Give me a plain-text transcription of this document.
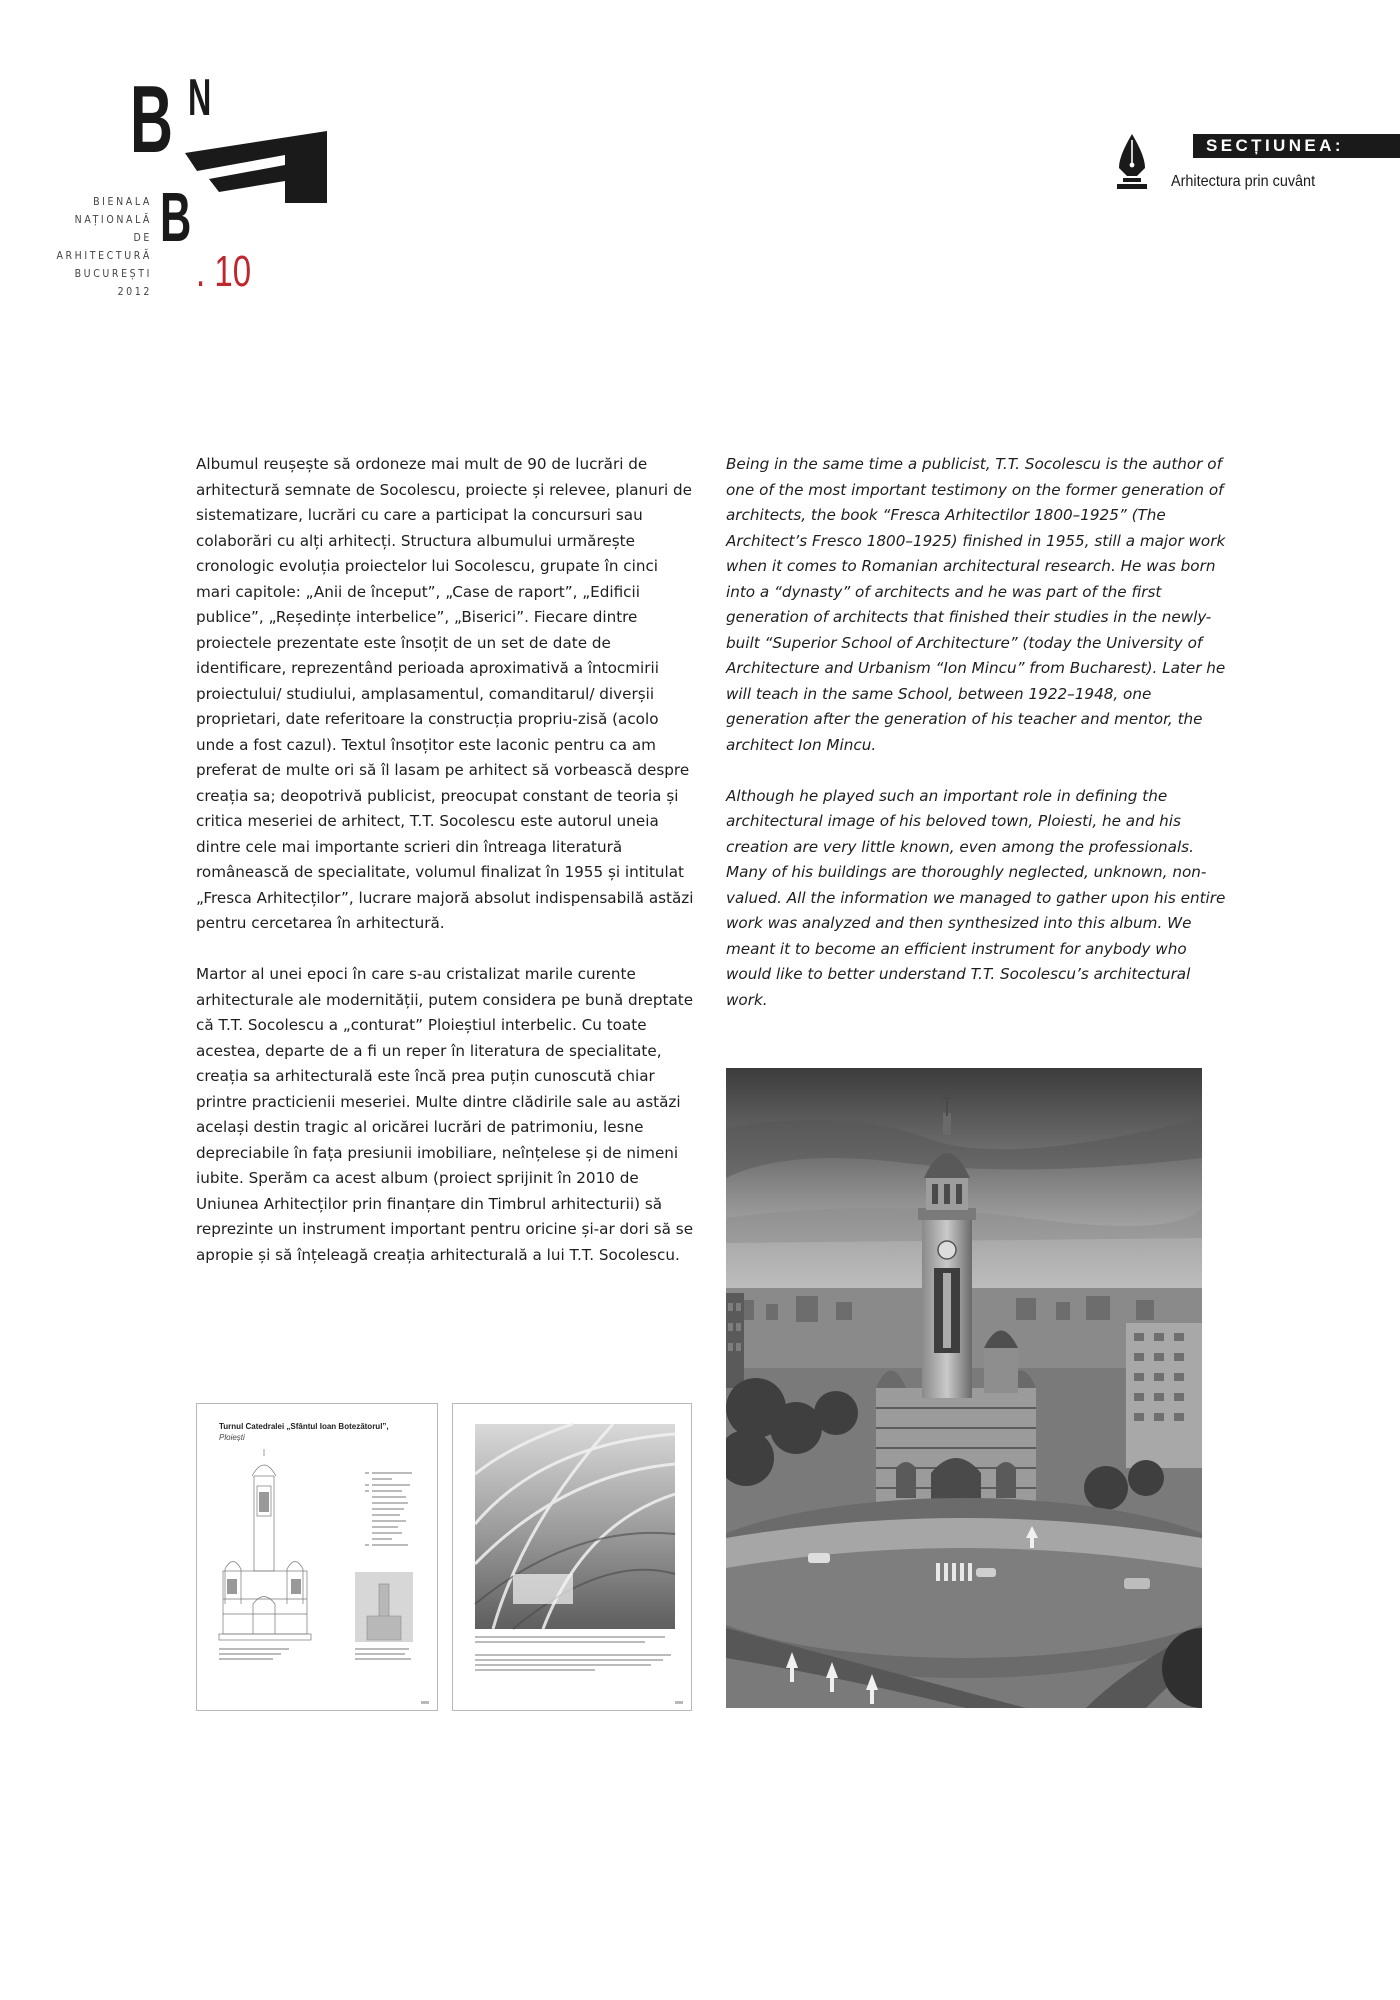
B N
B
BIENALA
NAȚIONALĂ
DE
ARHITECTURĂ
BUCUREȘTI
2012 . 10
SECȚIUNEA:
Arhitectura prin cuvânt

Albumul reușește să ordoneze mai mult de 90 de lucrări de arhitectură semnate de Socolescu, proiecte și relevee, planuri de sistematizare, lucrări cu care a participat la concursuri sau colaborări cu alți arhitecți. Structura albumului urmărește cronologic evoluția proiectelor lui Socolescu, grupate în cinci mari capitole: „Anii de început”, „Case de raport”, „Edificii publice”, „Reședințe interbelice”, „Biserici”. Fiecare dintre proiectele prezentate este însoțit de un set de date de identificare, reprezentând perioada aproximativă a întocmirii proiectului/ studiului, amplasamentul, comanditarul/ diverșii proprietari, date referitoare la construcția propriu-zisă (acolo unde a fost cazul). Textul însoțitor este laconic pentru ca am preferat de multe ori să îl lasam pe arhitect să vorbească despre creația sa; deopotrivă publicist, preocupat constant de teoria și critica meseriei de arhitect, T.T. Socolescu este autorul uneia dintre cele mai importante scrieri din întreaga literatură românească de specialitate, volumul finalizat în 1955 și intitulat „Fresca Arhitecților”, lucrare majoră absolut indispensabilă astăzi pentru cercetarea în arhitectură.

Martor al unei epoci în care s-au cristalizat marile curente arhitecturale ale modernității, putem considera pe bună dreptate că T.T. Socolescu a „conturat” Ploieștiul interbelic. Cu toate acestea, departe de a fi un reper în literatura de specialitate, creația sa arhitecturală este încă prea puțin cunoscută chiar printre practicienii meseriei. Multe dintre clădirile sale au astăzi același destin tragic al oricărei lucrări de patrimoniu, lesne depreciabile în fața presiunii imobiliare, neînțelese și de nimeni iubite. Sperăm ca acest album (proiect sprijinit în 2010 de Uniunea Arhitecților prin finanțare din Timbrul arhitecturii) să reprezinte un instrument important pentru oricine și-ar dori să se apropie și să înțeleagă creația arhitecturală a lui T.T. Socolescu.

Being in the same time a publicist, T.T. Socolescu is the author of one of the most important testimony on the former generation of architects, the book “Fresca Arhitectilor 1800–1925” (The Architect’s Fresco 1800–1925) finished in 1955, still a major work when it comes to Romanian architectural research. He was born into a “dynasty” of architects and he was part of the first generation of architects that finished their studies in the newly-built “Superior School of Architecture” (today the University of Architecture and Urbanism “Ion Mincu” from Bucharest). Later he will teach in the same School, between 1922–1948, one generation after the generation of his teacher and mentor, the architect Ion Mincu.

Although he played such an important role in defining the architectural image of his beloved town, Ploiesti, he and his creation are very little known, even among the professionals. Many of his buildings are thoroughly neglected, unknown, non-valued. All the information we managed to gather upon his entire work was analyzed and then synthesized into this album. We meant it to become an efficient instrument for anybody who would like to better understand T.T. Socolescu’s architectural work.

Turnul Catedralei „Sfântul Ioan Botezătorul”,
Ploiești
